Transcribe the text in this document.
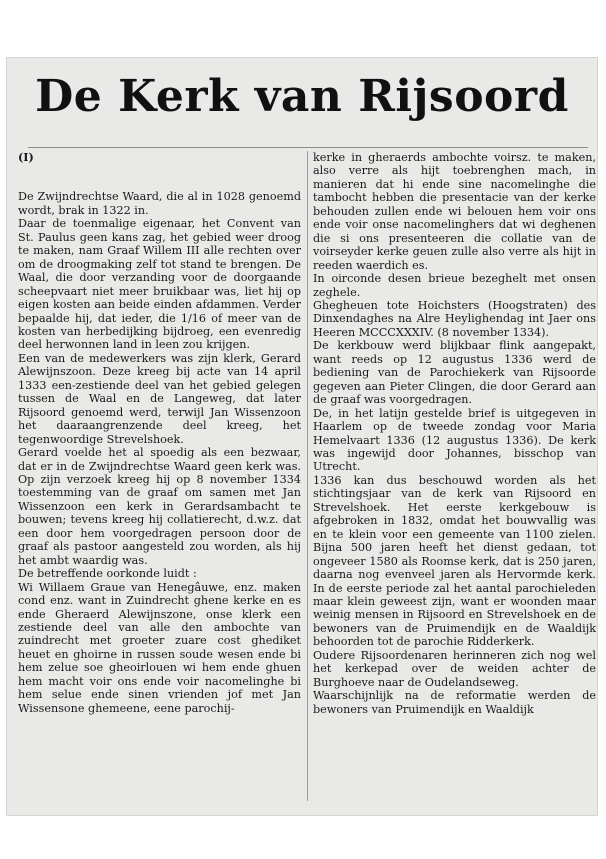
De Kerk van Rijsoord

(I)

De Zwijndrechtse Waard, die al in 1028 genoemd wordt, brak in 1322 in.

Daar de toenmalige eigenaar, het Convent van St. Paulus geen kans zag, het gebied weer droog te maken, nam Graaf Willem III alle rechten over om de droogmaking zelf tot stand te brengen. De Waal, die door verzanding voor de doorgaande scheepvaart niet meer bruikbaar was, liet hij op eigen kosten aan beide einden afdammen. Verder bepaalde hij, dat ieder, die 1/16 of meer van de kosten van herbedijking bijdroeg, een evenredig deel herwonnen land in leen zou krijgen.

Een van de medewerkers was zijn klerk, Gerard Alewijnszoon. Deze kreeg bij acte van 14 april 1333 een-zestiende deel van het gebied gelegen tussen de Waal en de Langeweg, dat later Rijsoord genoemd werd, terwijl Jan Wissenzoon het daaraangrenzende deel kreeg, het tegenwoordige Strevelshoek.

Gerard voelde het al spoedig als een bezwaar, dat er in de Zwijndrechtse Waard geen kerk was. Op zijn verzoek kreeg hij op 8 november 1334 toestemming van de graaf om samen met Jan Wissenzoon een kerk in Gerardsambacht te bouwen; tevens kreeg hij collatierecht, d.w.z. dat een door hem voorgedragen persoon door de graaf als pastoor aangesteld zou worden, als hij het ambt waardig was.

De betreffende oorkonde luidt :

Wi Willaem Graue van Henegâuwe, enz. maken cond enz. want in Zuindrecht ghene kerke en es ende Gheraerd Alewijnszone, onse klerk een zestiende deel van alle den ambochte van zuindrecht met groeter zuare cost ghediket heuet en ghoirne in russen soude wesen ende bi hem zelue soe gheoirlouen wi hem ende ghuen hem macht voir ons ende voir nacomelinghe bi hem selue ende sinen vrienden jof met Jan Wissensone ghemeene, eene parochij-

kerke in gheraerds ambochte voirsz. te maken, also verre als hijt toebrenghen mach, in manieren dat hi ende sine nacomelinghe die tambocht hebben die presentacie van der kerke behouden zullen ende wi belouen hem voir ons ende voir onse nacomelinghers dat wi deghenen die si ons presenteeren die collatie van de voirseyder kerke geuen zulle also verre als hijt in reeden waerdich es.

In oirconde desen brieue bezeghelt met onsen zeghele.

Ghegheuen tote Hoichsters (Hoogstraten) des Dinxendaghes na Alre Heylighendag int Jaer ons Heeren MCCCXXXIV. (8 november 1334).

De kerkbouw werd blijkbaar flink aangepakt, want reeds op 12 augustus 1336 werd de bediening van de Parochiekerk van Rijsoorde gegeven aan Pieter Clingen, die door Gerard aan de graaf was voorgedragen.

De, in het latijn gestelde brief is uitgegeven in Haarlem op de tweede zondag voor Maria Hemelvaart 1336 (12 augustus 1336). De kerk was ingewijd door Johannes, bisschop van Utrecht.

1336 kan dus beschouwd worden als het stichtingsjaar van de kerk van Rijsoord en Strevelshoek. Het eerste kerkgebouw is afgebroken in 1832, omdat het bouwvallig was en te klein voor een gemeente van 1100 zielen. Bijna 500 jaren heeft het dienst gedaan, tot ongeveer 1580 als Roomse kerk, dat is 250 jaren, daarna nog evenveel jaren als Hervormde kerk. In de eerste periode zal het aantal parochieleden maar klein geweest zijn, want er woonden maar weinig mensen in Rijsoord en Strevelshoek en de bewoners van de Pruimendijk en de Waaldijk behoorden tot de parochie Ridderkerk.

Oudere Rijsoordenaren herinneren zich nog wel het kerkepad over de weiden achter de Burghoeve naar de Oudelandseweg.

Waarschijnlijk na de reformatie werden de bewoners van Pruimendijk en Waaldijk
